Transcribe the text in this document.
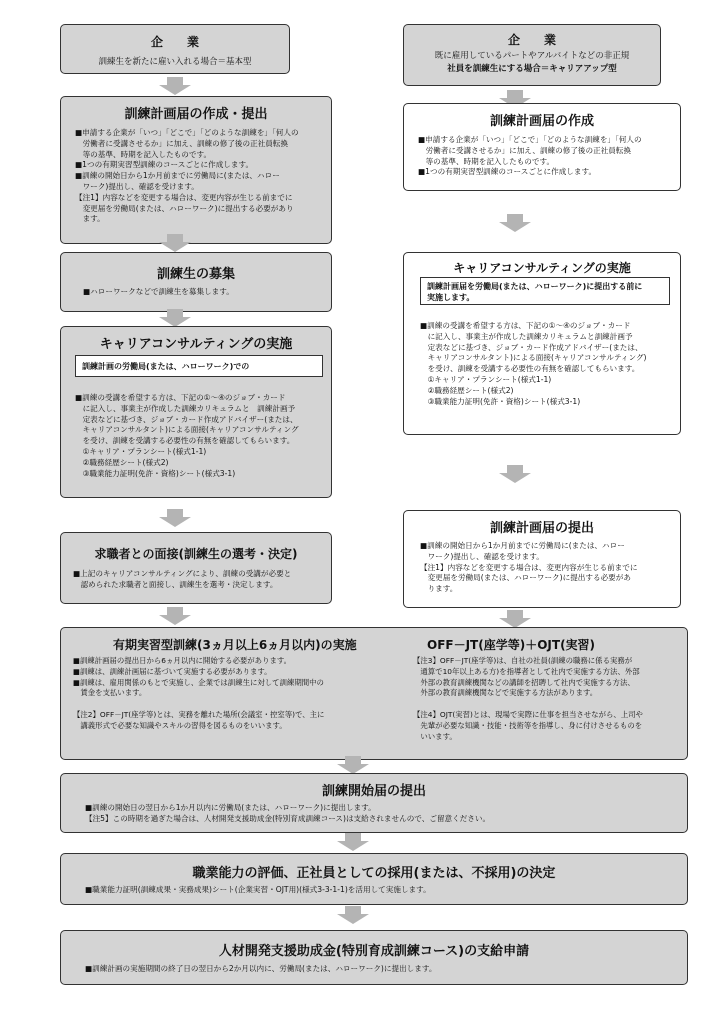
企　　業
訓練生を新たに雇い入れる場合＝基本型
訓練計画届の作成・提出
■申請する企業が「いつ」「どこで」「どのような訓練を」「何人の
　労働者に受講させるか」に加え、訓練の修了後の正社員転換
　等の基準、時期を記入したものです。
■1つの有期実習型訓練のコースごとに作成します。
■訓練の開始日から1か月前までに労働局に(または、ハロー
　ワーク)提出し、確認を受けます。
【注1】内容などを変更する場合は、変更内容が生じる前までに
　変更届を労働局(または、ハローワーク)に提出する必要があり
　ます。
訓練生の募集
■ハローワークなどで訓練生を募集します。
キャリアコンサルティングの実施
訓練計画の労働局(または、ハローワーク)での
■訓練の受講を希望する方は、下記の①～④のジョブ・カード
　に記入し、事業主が作成した訓練カリキュラムと　訓練計画予
　定表などに基づき、ジョブ・カード作成アドバイザー(または、
　キャリアコンサルタント)による面接(キャリアコンサルティング
　を受け、訓練を受講する必要性の有無を確認してもらいます。
　①キャリア・プランシート(様式1-1)
　②職務経歴シート(様式2)
　③職業能力証明(免許・資格)シート(様式3-1)
求職者との面接(訓練生の選考・決定)
■上記のキャリアコンサルティングにより、訓練の受講が必要と
　認められた求職者と面接し、訓練生を選考・決定します。
企　　業
既に雇用しているパートやアルバイトなどの非正規
社員を訓練生にする場合＝キャリアアップ型
訓練計画届の作成
■申請する企業が「いつ」「どこで」「どのような訓練を」「何人の
　労働者に受講させるか」に加え、訓練の修了後の正社員転換
　等の基準、時期を記入したものです。
■1つの有期実習型訓練のコースごとに作成します。
キャリアコンサルティングの実施
訓練計画届を労働局(または、ハローワーク)に提出する前に
実施します。
■訓練の受講を希望する方は、下記の①～④のジョブ・カード
　に記入し、事業主が作成した訓練カリキュラムと訓練計画予
　定表などに基づき、ジョブ・カード作成アドバイザー(または、
　キャリアコンサルタント)による面接(キャリアコンサルティング)
　を受け、訓練を受講する必要性の有無を確認してもらいます。
　①キャリア・プランシート(様式1-1)
　②職務経歴シート(様式2)
　③職業能力証明(免許・資格)シート(様式3-1)
訓練計画届の提出
■訓練の開始日から1か月前までに労働局に(または、ハロー
　ワーク)提出し、確認を受けます。
【注1】内容などを変更する場合は、変更内容が生じる前までに
　変更届を労働局(または、ハローワーク)に提出する必要があ
　ります。
有期実習型訓練(3ヵ月以上6ヵ月以内)の実施	OFF－JT(座学等)＋OJT(実習)
■訓練計画届の提出日から6ヵ月以内に開始する必要があります。
■訓練は、訓練計画届に基づいて実施する必要があります。
■訓練は、雇用関係のもとで実施し、企業では訓練生に対して訓練期間中の
　賃金を支払います。

【注2】OFF－JT(座学等)とは、実務を離れた場所(会議室・控室等)で、主に
　講義形式で必要な知識やスキルの習得を図るものをいいます。
【注3】OFF－JT(座学等)は、自社の社員(訓練の職務に係る実務が
　通算で10年以上ある方)を指導者として社内で実施する方法、外部
　外部の教育訓練機関などの講師を招聘して社内で実施する方法、
　外部の教育訓練機関などで実施する方法があります。

【注4】OJT(実習)とは、現場で実際に仕事を担当させながら、上司や
　先輩が必要な知識・技能・技術等を指導し、身に付けさせるものを
　いいます。
訓練開始届の提出
■訓練の開始日の翌日から1か月以内に労働局(または、ハローワーク)に提出します。
【注5】この時期を過ぎた場合は、人材開発支援助成金(特別育成訓練コース)は支給されませんので、ご留意ください。
職業能力の評価、正社員としての採用(または、不採用)の決定
■職業能力証明(訓練成果・実務成果)シート(企業実習・OJT用)(様式3-3-1-1)を活用して実施します。
人材開発支援助成金(特別育成訓練コース)の支給申請
■訓練計画の実施期間の終了日の翌日から2か月以内に、労働局(または、ハローワーク)に提出します。
